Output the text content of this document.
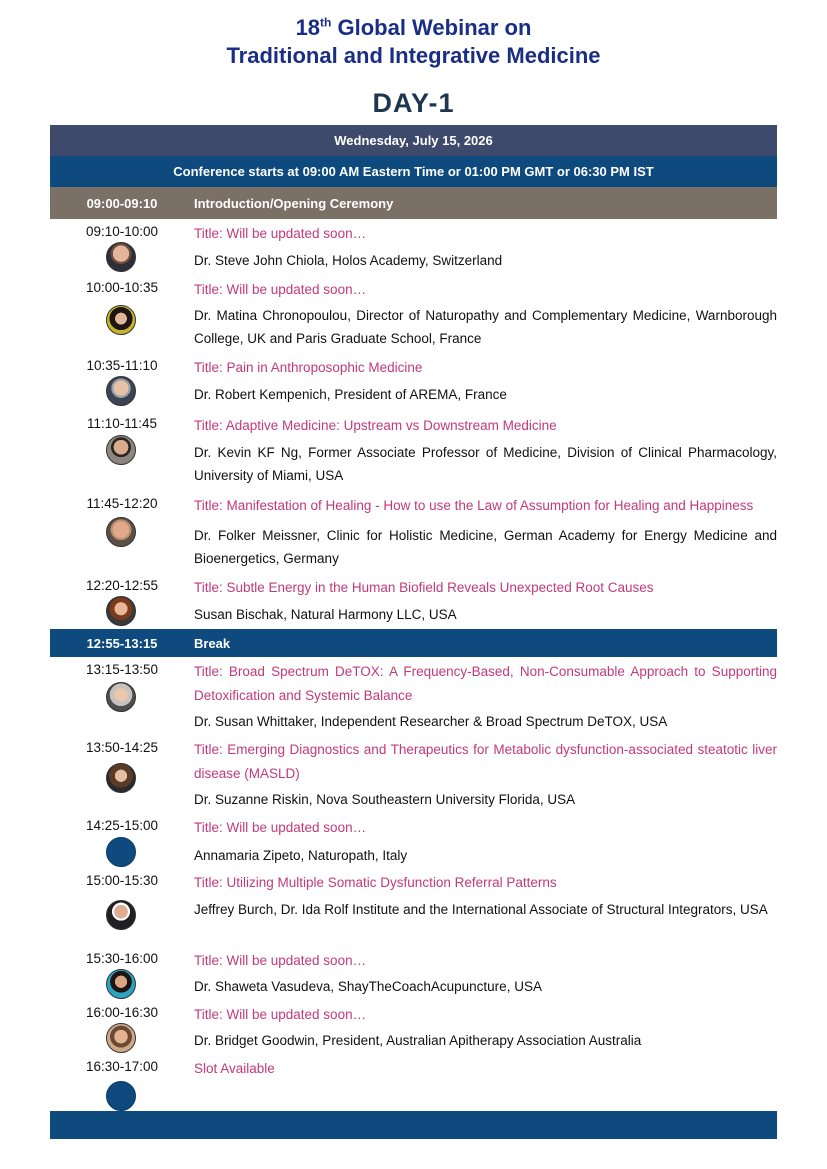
18th Global Webinar on
Traditional and Integrative Medicine
DAY-1
Wednesday, July 15, 2026
Conference starts at 09:00 AM Eastern Time or 01:00 PM GMT or 06:30 PM IST
09:00-09:10	Introduction/Opening Ceremony
09:10-10:00	Title: Will be updated soon…
Dr. Steve John Chiola, Holos Academy, Switzerland
10:00-10:35	Title: Will be updated soon…
Dr. Matina Chronopoulou, Director of Naturopathy and Complementary Medicine, Warnborough College, UK and Paris Graduate School, France
10:35-11:10	Title: Pain in Anthroposophic Medicine
Dr. Robert Kempenich, President of AREMA, France
11:10-11:45	Title: Adaptive Medicine: Upstream vs Downstream Medicine
Dr. Kevin KF Ng, Former Associate Professor of Medicine, Division of Clinical Pharmacology, University of Miami, USA
11:45-12:20	Title: Manifestation of Healing - How to use the Law of Assumption for Healing and Happiness
Dr. Folker Meissner, Clinic for Holistic Medicine, German Academy for Energy Medicine and Bioenergetics, Germany
12:20-12:55	Title: Subtle Energy in the Human Biofield Reveals Unexpected Root Causes
Susan Bischak, Natural Harmony LLC, USA
12:55-13:15	Break
13:15-13:50	Title: Broad Spectrum DeTOX: A Frequency-Based, Non-Consumable Approach to Supporting Detoxification and Systemic Balance
Dr. Susan Whittaker, Independent Researcher & Broad Spectrum DeTOX, USA
13:50-14:25	Title: Emerging Diagnostics and Therapeutics for Metabolic dysfunction-associated steatotic liver disease (MASLD)
Dr. Suzanne Riskin, Nova Southeastern University Florida, USA
14:25-15:00	Title: Will be updated soon…
Annamaria Zipeto, Naturopath, Italy
15:00-15:30	Title: Utilizing Multiple Somatic Dysfunction Referral Patterns
Jeffrey Burch, Dr. Ida Rolf Institute and the International Associate of Structural Integrators, USA
15:30-16:00	Title: Will be updated soon…
Dr. Shaweta Vasudeva, ShayTheCoachAcupuncture, USA
16:00-16:30	Title: Will be updated soon…
Dr. Bridget Goodwin, President, Australian Apitherapy Association Australia
16:30-17:00	Slot Available
